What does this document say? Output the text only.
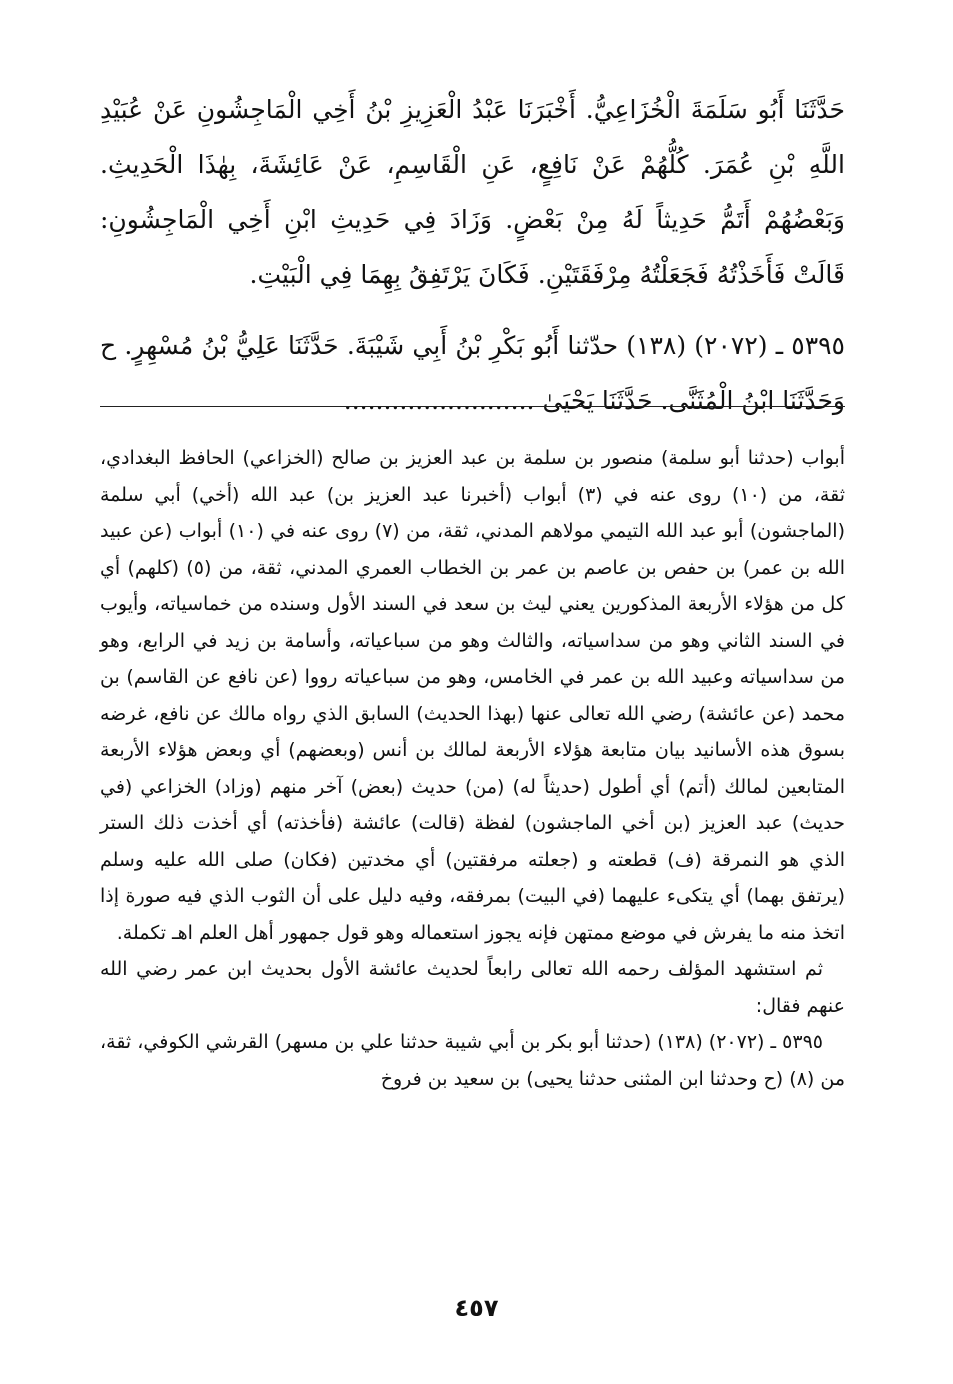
حَدَّثَنَا أَبُو سَلَمَةَ الْخُزَاعِيُّ. أَخْبَرَنَا عَبْدُ الْعَزِيزِ بْنُ أَخِي الْمَاجِشُونِ عَنْ عُبَيْدِ اللَّهِ بْنِ عُمَرَ. كُلُّهُمْ عَنْ نَافِعٍ، عَنِ الْقَاسِمِ، عَنْ عَائِشَةَ، بِهٰذَا الْحَدِيثِ. وَبَعْضُهُمْ أَتَمُّ حَدِيثاً لَهُ مِنْ بَعْضٍ. وَزَادَ فِي حَدِيثِ ابْنِ أَخِي الْمَاجِشُونِ: قَالَتْ فَأَخَذْتُهُ فَجَعَلْتُهُ مِرْفَقَتَيْنِ. فَكَانَ يَرْتَفِقُ بِهِمَا فِي الْبَيْتِ.

٥٣٩٥ ـ (٢٠٧٢) (١٣٨) حدّثنا أَبُو بَكْرِ بْنُ أَبِي شَيْبَةَ. حَدَّثَنَا عَلِيُّ بْنُ مُسْهِرٍ. ح وَحَدَّثَنَا ابْنُ الْمُثَنَّى. حَدَّثَنَا يَحْيَىٰ ........................

أبواب (حدثنا أبو سلمة) منصور بن سلمة بن عبد العزيز بن صالح (الخزاعي) الحافظ البغدادي، ثقة، من (١٠) روى عنه في (٣) أبواب (أخبرنا عبد العزيز بن) عبد الله (أخي) أبي سلمة (الماجشون) أبو عبد الله التيمي مولاهم المدني، ثقة، من (٧) روى عنه في (١٠) أبواب (عن عبيد الله بن عمر) بن حفص بن عاصم بن عمر بن الخطاب العمري المدني، ثقة، من (٥) (كلهم) أي كل من هؤلاء الأربعة المذكورين يعني ليث بن سعد في السند الأول وسنده من خماسياته، وأيوب في السند الثاني وهو من سداسياته، والثالث وهو من سباعياته، وأسامة بن زيد في الرابع، وهو من سداسياته وعبيد الله بن عمر في الخامس، وهو من سباعياته رووا (عن نافع عن القاسم) بن محمد (عن عائشة) رضي الله تعالى عنها (بهذا الحديث) السابق الذي رواه مالك عن نافع، غرضه بسوق هذه الأسانيد بيان متابعة هؤلاء الأربعة لمالك بن أنس (وبعضهم) أي وبعض هؤلاء الأربعة المتابعين لمالك (أتم) أي أطول (حديثاً له) (من) حديث (بعض) آخر منهم (وزاد) الخزاعي (في حديث) عبد العزيز (بن أخي الماجشون) لفظة (قالت) عائشة (فأخذته) أي أخذت ذلك الستر الذي هو النمرقة (ف) قطعته و (جعلته مرفقتين) أي مخدتين (فكان) صلى الله عليه وسلم (يرتفق بهما) أي يتكىء عليهما (في البيت) بمرفقه، وفيه دليل على أن الثوب الذي فيه صورة إذا اتخذ منه ما يفرش في موضع ممتهن فإنه يجوز استعماله وهو قول جمهور أهل العلم اهـ تكملة.

ثم استشهد المؤلف رحمه الله تعالى رابعاً لحديث عائشة الأول بحديث ابن عمر رضي الله عنهم فقال:

٥٣٩٥ ـ (٢٠٧٢) (١٣٨) (حدثنا أبو بكر بن أبي شيبة حدثنا علي بن مسهر) القرشي الكوفي، ثقة، من (٨) (ح وحدثنا ابن المثنى حدثنا يحيى) بن سعيد بن فروخ

٤٥٧
